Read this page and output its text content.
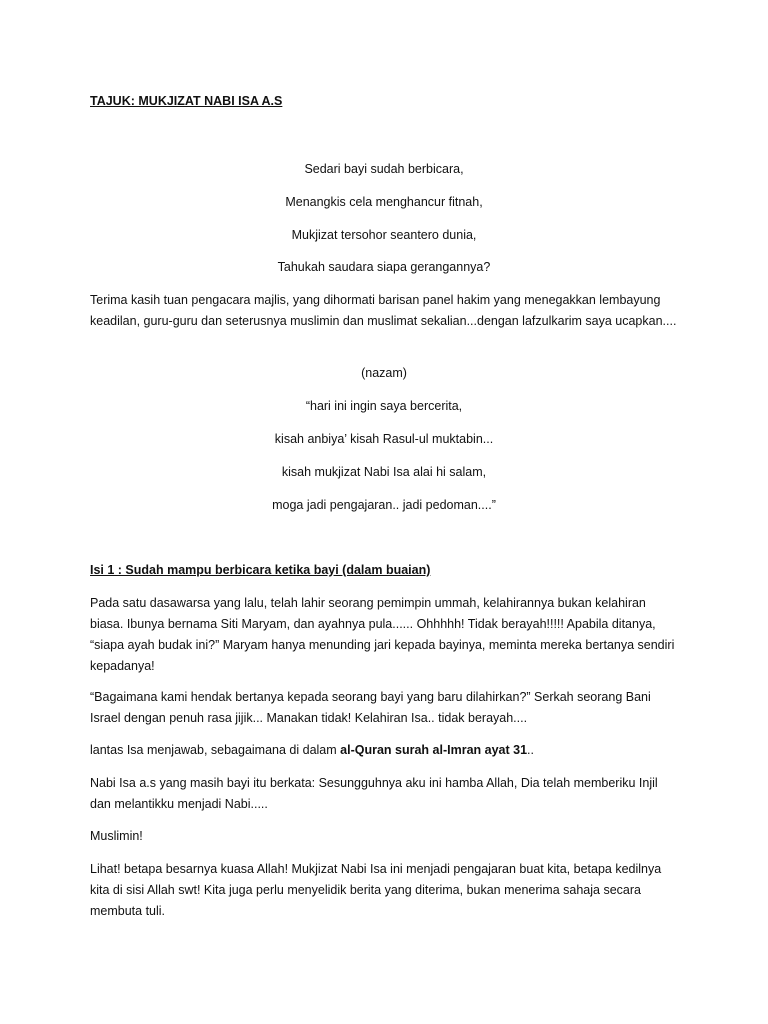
TAJUK: MUKJIZAT NABI ISA A.S
Sedari bayi sudah berbicara,
Menangkis cela menghancur fitnah,
Mukjizat tersohor seantero dunia,
Tahukah saudara siapa gerangannya?
Terima kasih tuan pengacara majlis, yang dihormati barisan panel hakim yang menegakkan lembayung keadilan, guru-guru dan seterusnya muslimin dan muslimat sekalian...dengan lafzulkarim saya ucapkan....
(nazam)
“hari ini ingin saya bercerita,
kisah anbiya’ kisah Rasul-ul muktabin...
kisah mukjizat Nabi Isa alai hi salam,
moga jadi pengajaran.. jadi pedoman....”
Isi 1 : Sudah mampu berbicara ketika bayi (dalam buaian)
Pada satu dasawarsa yang lalu, telah lahir seorang pemimpin ummah, kelahirannya bukan kelahiran biasa. Ibunya bernama Siti Maryam, dan ayahnya pula...... Ohhhhh! Tidak berayah!!!!! Apabila ditanya, “siapa ayah budak ini?” Maryam hanya menunding jari kepada bayinya, meminta mereka bertanya sendiri kepadanya!
“Bagaimana kami hendak bertanya kepada seorang bayi yang baru dilahirkan?” Serkah seorang Bani Israel dengan penuh rasa jijik... Manakan tidak! Kelahiran Isa.. tidak berayah....
lantas Isa menjawab, sebagaimana di dalam al-Quran surah al-Imran ayat 31..
Nabi Isa a.s yang masih bayi itu berkata: Sesungguhnya aku ini hamba Allah, Dia telah memberiku Injil dan melantikku menjadi Nabi.....
Muslimin!
Lihat! betapa besarnya kuasa Allah! Mukjizat Nabi Isa ini menjadi pengajaran buat kita, betapa kedilnya kita di sisi Allah swt! Kita juga perlu menyelidik berita yang diterima, bukan menerima sahaja secara membuta tuli.
